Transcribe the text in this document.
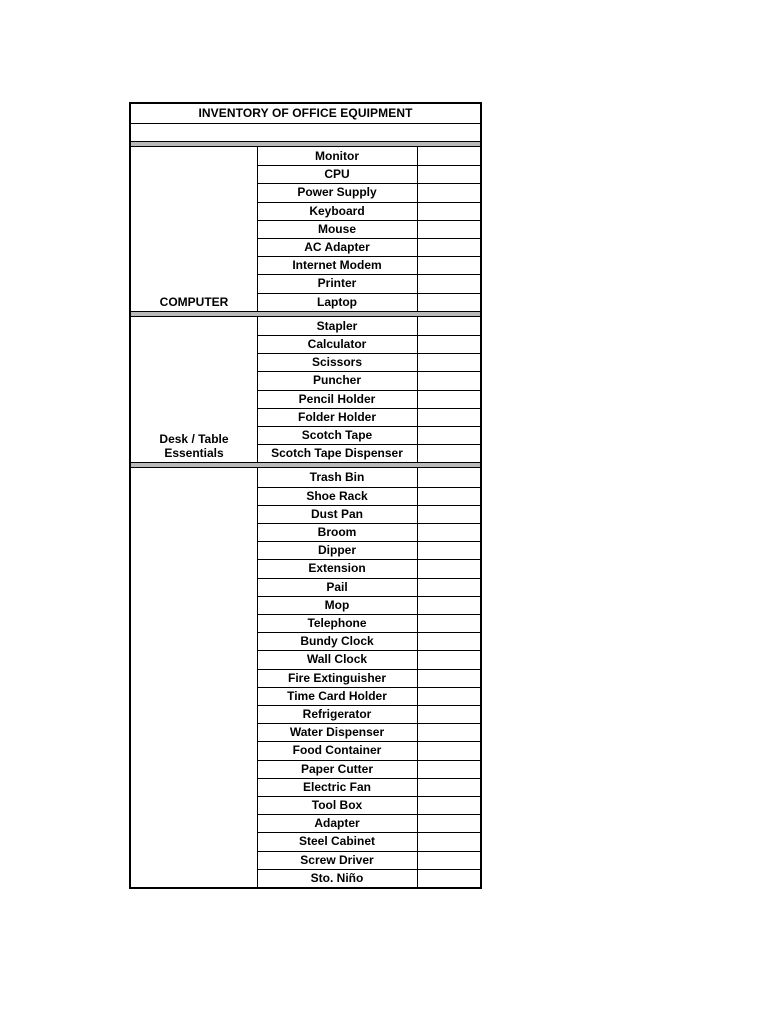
INVENTORY OF OFFICE EQUIPMENT
Monitor
CPU
Power Supply
Keyboard
Mouse
AC Adapter
Internet Modem
Printer
Laptop
COMPUTER
Stapler
Calculator
Scissors
Puncher
Pencil Holder
Folder Holder
Scotch Tape
Scotch Tape Dispenser
Desk / Table
Essentials
Trash Bin
Shoe Rack
Dust Pan
Broom
Dipper
Extension
Pail
Mop
Telephone
Bundy Clock
Wall Clock
Fire Extinguisher
Time Card Holder
Refrigerator
Water Dispenser
Food Container
Paper Cutter
Electric Fan
Tool Box
Adapter
Steel Cabinet
Screw Driver
Sto. Niño
